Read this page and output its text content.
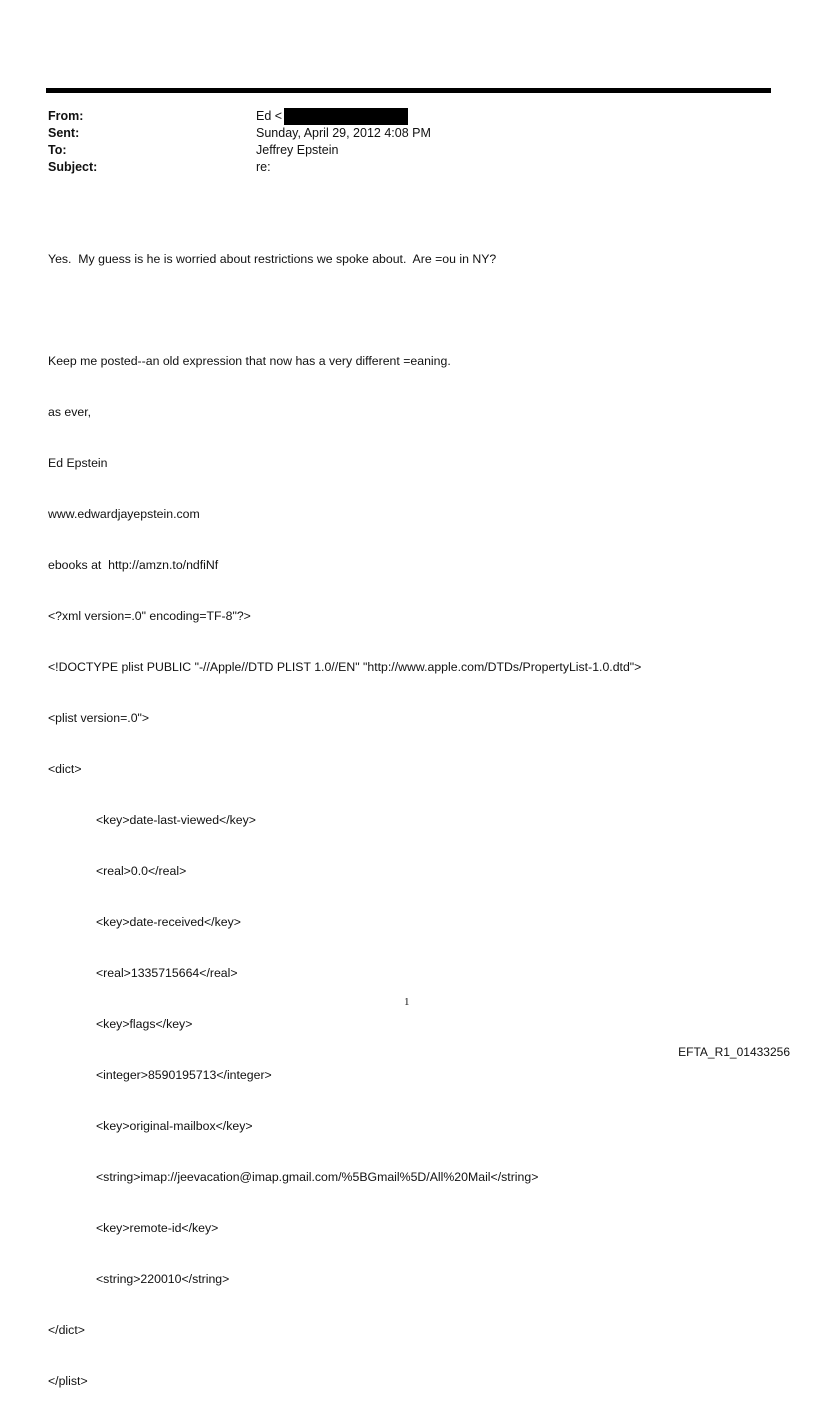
From:	Ed <
Sent:	Sunday, April 29, 2012 4:08 PM
To:	Jeffrey Epstein
Subject:	re:

Yes.  My guess is he is worried about restrictions we spoke about.  Are =ou in NY?

Keep me posted--an old expression that now has a very different =eaning.

as ever,

Ed Epstein

www.edwardjayepstein.com

ebooks at  http://amzn.to/ndfiNf

<?xml version=.0" encoding=TF-8"?>

<!DOCTYPE plist PUBLIC "-//Apple//DTD PLIST 1.0//EN" "http://www.apple.com/DTDs/PropertyList-1.0.dtd">

<plist version=.0">

<dict>

<key>date-last-viewed</key>

<real>0.0</real>

<key>date-received</key>

<real>1335715664</real>

<key>flags</key>

<integer>8590195713</integer>

<key>original-mailbox</key>

<string>imap://jeevacation@imap.gmail.com/%5BGmail%5D/All%20Mail</string>

<key>remote-id</key>

<string>220010</string>

</dict>

</plist>

1
EFTA_R1_01433256
